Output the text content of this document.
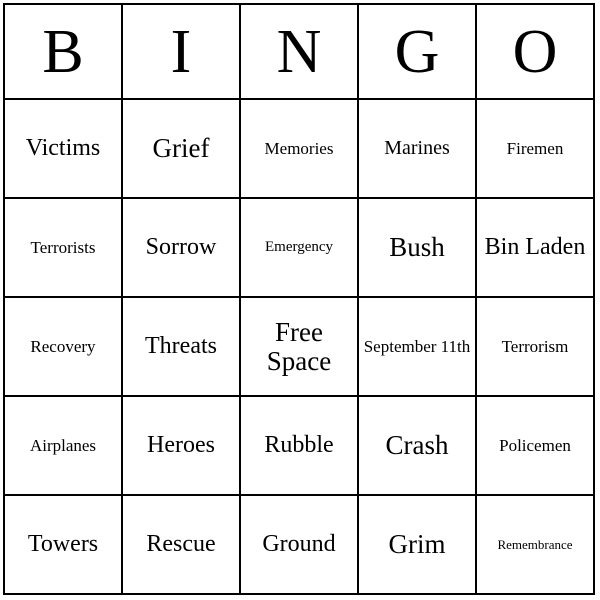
B	I	N	G	O
Victims	Grief	Memories	Marines	Firemen
Terrorists	Sorrow	Emergency	Bush	Bin Laden
Recovery	Threats	Free Space	September 11th	Terrorism
Airplanes	Heroes	Rubble	Crash	Policemen
Towers	Rescue	Ground	Grim	Remembrance
